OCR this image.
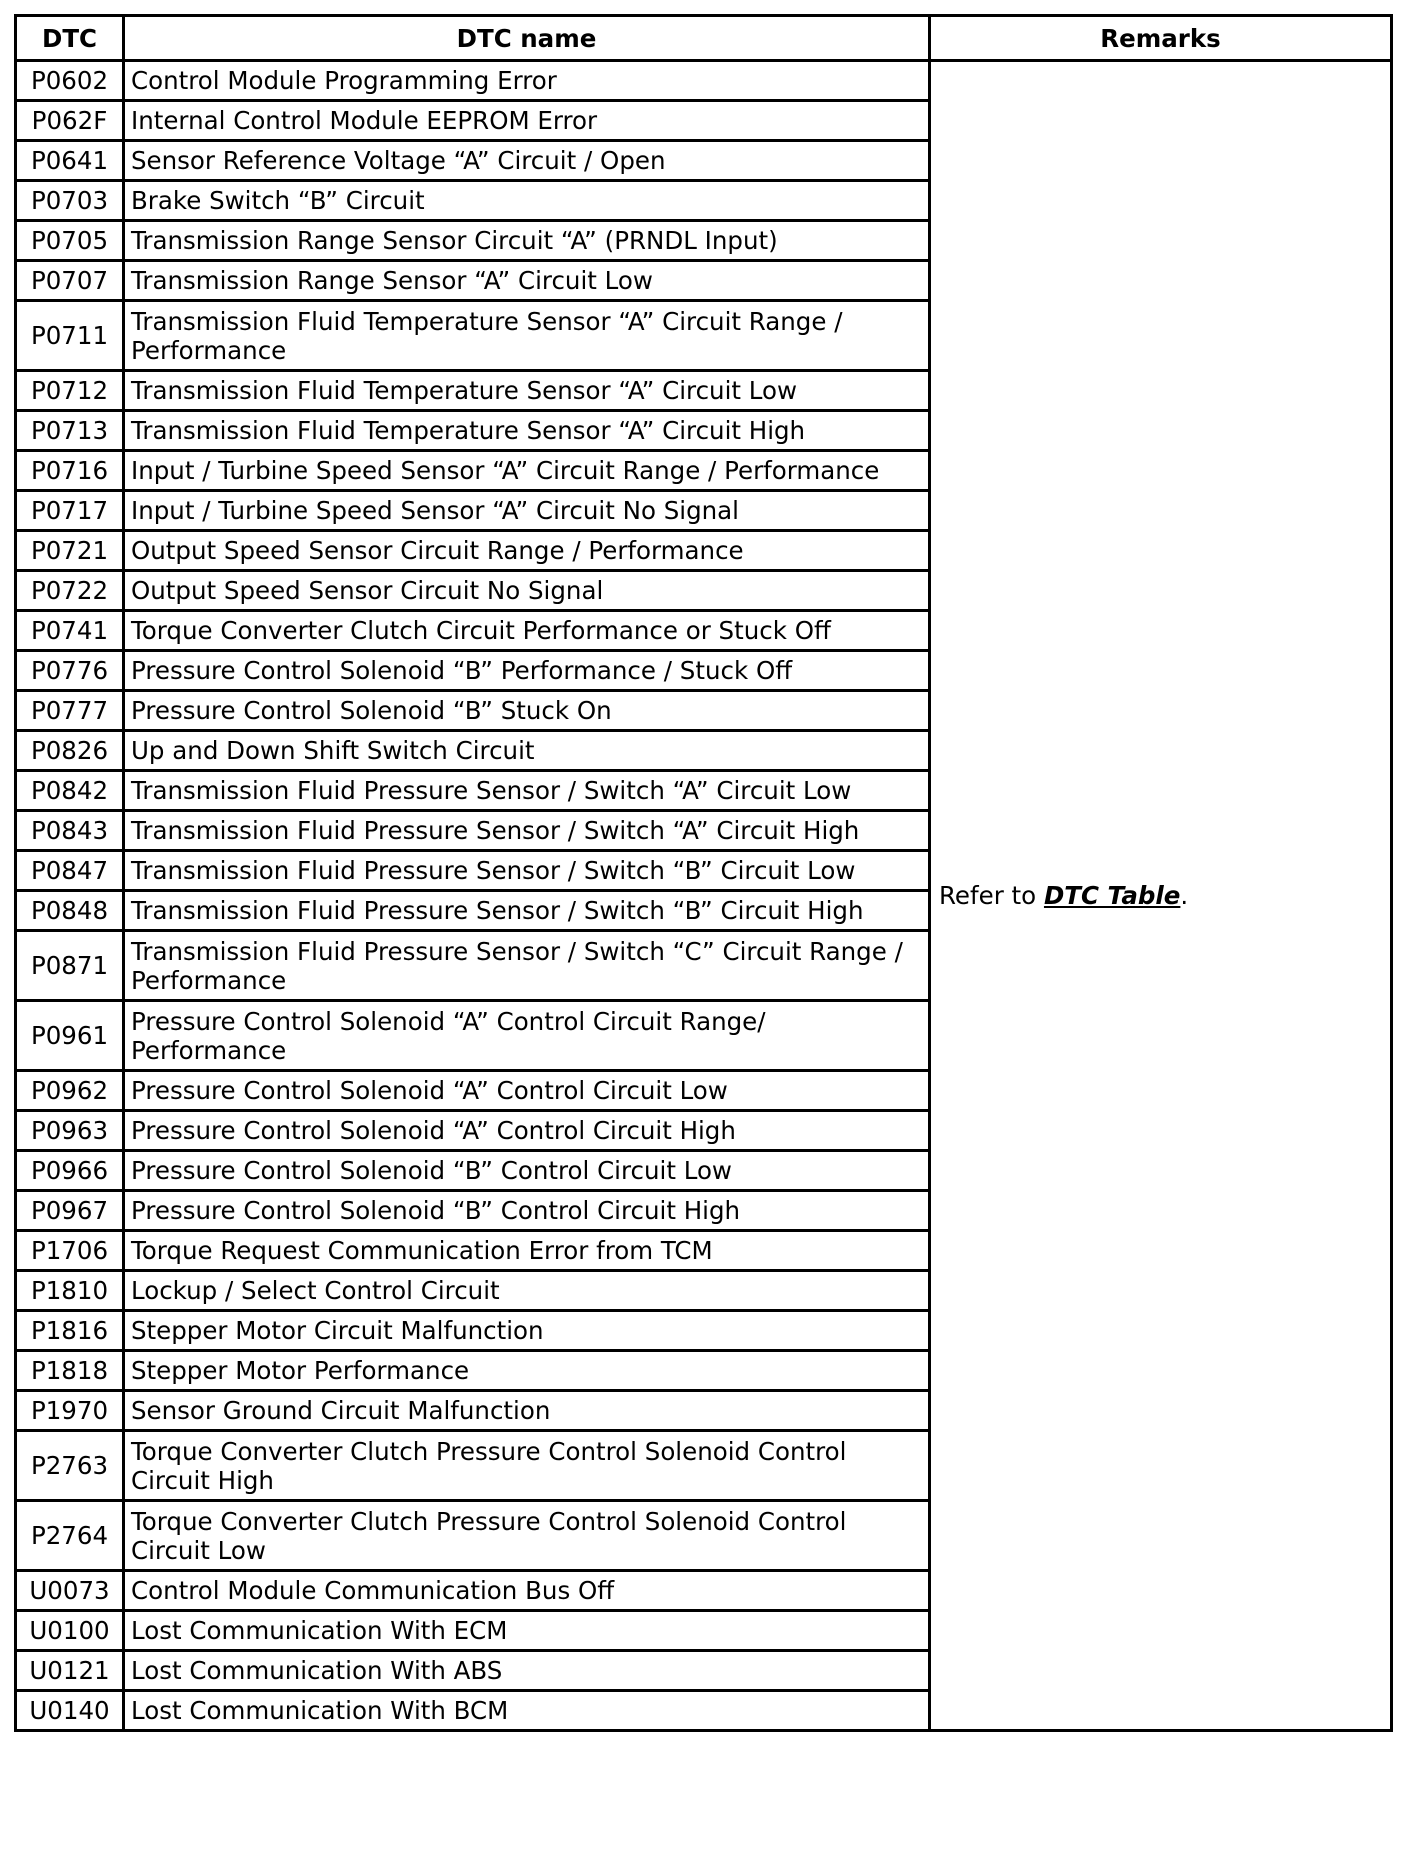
DTC	DTC name	Remarks
P0602	Control Module Programming Error	Refer to DTC Table.
P062F	Internal Control Module EEPROM Error	
P0641	Sensor Reference Voltage “A” Circuit / Open	
P0703	Brake Switch “B” Circuit	
P0705	Transmission Range Sensor Circuit “A” (PRNDL Input)	
P0707	Transmission Range Sensor “A” Circuit Low	
P0711	Transmission Fluid Temperature Sensor “A” Circuit Range / Performance	
P0712	Transmission Fluid Temperature Sensor “A” Circuit Low	
P0713	Transmission Fluid Temperature Sensor “A” Circuit High	
P0716	Input / Turbine Speed Sensor “A” Circuit Range / Performance	
P0717	Input / Turbine Speed Sensor “A” Circuit No Signal	
P0721	Output Speed Sensor Circuit Range / Performance	
P0722	Output Speed Sensor Circuit No Signal	
P0741	Torque Converter Clutch Circuit Performance or Stuck Off	
P0776	Pressure Control Solenoid “B” Performance / Stuck Off	
P0777	Pressure Control Solenoid “B” Stuck On	
P0826	Up and Down Shift Switch Circuit	
P0842	Transmission Fluid Pressure Sensor / Switch “A” Circuit Low	
P0843	Transmission Fluid Pressure Sensor / Switch “A” Circuit High	
P0847	Transmission Fluid Pressure Sensor / Switch “B” Circuit Low	
P0848	Transmission Fluid Pressure Sensor / Switch “B” Circuit High	
P0871	Transmission Fluid Pressure Sensor / Switch “C” Circuit Range / Performance	
P0961	Pressure Control Solenoid “A” Control Circuit Range/ Performance	
P0962	Pressure Control Solenoid “A” Control Circuit Low	
P0963	Pressure Control Solenoid “A” Control Circuit High	
P0966	Pressure Control Solenoid “B” Control Circuit Low	
P0967	Pressure Control Solenoid “B” Control Circuit High	
P1706	Torque Request Communication Error from TCM	
P1810	Lockup / Select Control Circuit	
P1816	Stepper Motor Circuit Malfunction	
P1818	Stepper Motor Performance	
P1970	Sensor Ground Circuit Malfunction	
P2763	Torque Converter Clutch Pressure Control Solenoid Control Circuit High	
P2764	Torque Converter Clutch Pressure Control Solenoid Control Circuit Low	
U0073	Control Module Communication Bus Off	
U0100	Lost Communication With ECM	
U0121	Lost Communication With ABS	
U0140	Lost Communication With BCM	
